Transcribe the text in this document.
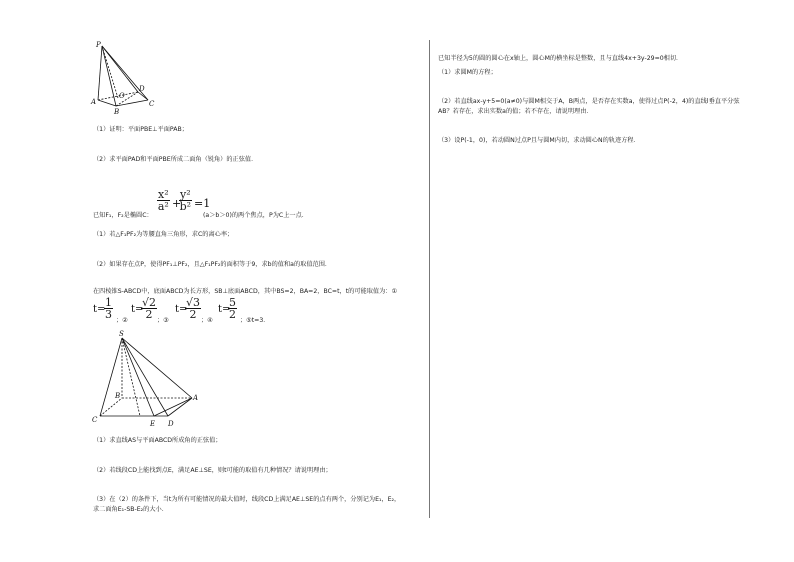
P
O
D
A
B
C
（1）证明：平面PBE⊥平面PAB；
（2）求平面PAD和平面PBE所成二面角（锐角）的正弦值．
$\frac{\text{x²}}{\text{a²}}$ +
$\frac{\text{y²}}{\text{b²}} =1$
已知F₁，F₂是椭圆C：	(a＞b＞0)的两个焦点，P为C上一点．
（1）若△F₁PF₂为等腰直角三角形，求C的离心率；
（2）如果存在点P，使得PF₁⊥PF₂，且△F₁PF₂的面积等于9，求b的值和a的取值范围．
在四棱锥S-ABCD中，底面ABCD为长方形，SB⊥底面ABCD，其中BS=2，BA=2，BC=t，t的可能取值为：①
t=
$\frac{1}{3}$
；②
t=
$\frac{√2}{2}$
；③
t=
$\frac{√3}{2}$
；④
t=
$\frac{5}{2}$
；⑤t=3．
S
B	A
C	E D
（1）求直线AS与平面ABCD所成角的正弦值；
（2）若线段CD上能找到点E，满足AE⊥SE，则t可能的取值有几种情况？请说明理由；
（3）在（2）的条件下，当t为所有可能情况的最大值时，线段CD上满足AE⊥SE的点有两个，分别记为E₁，E₂，
求二面角E₁-SB-E₂的大小．
已知半径为5的圆的圆心在x轴上，圆心M的横坐标是整数，且与直线4x+3y-29=0相切．
（1）求圆M的方程；
（2）若直线ax-y+5=0(a≠0)与圆M相交于A，B两点，是否存在实数a，使得过点P(-2，4)的直线l垂直平分弦
AB？若存在，求出实数a的值；若不存在，请说明理由．
（3）设P(-1，0)，若动圆N过点P且与圆M内切，求动圆心N的轨迹方程．
